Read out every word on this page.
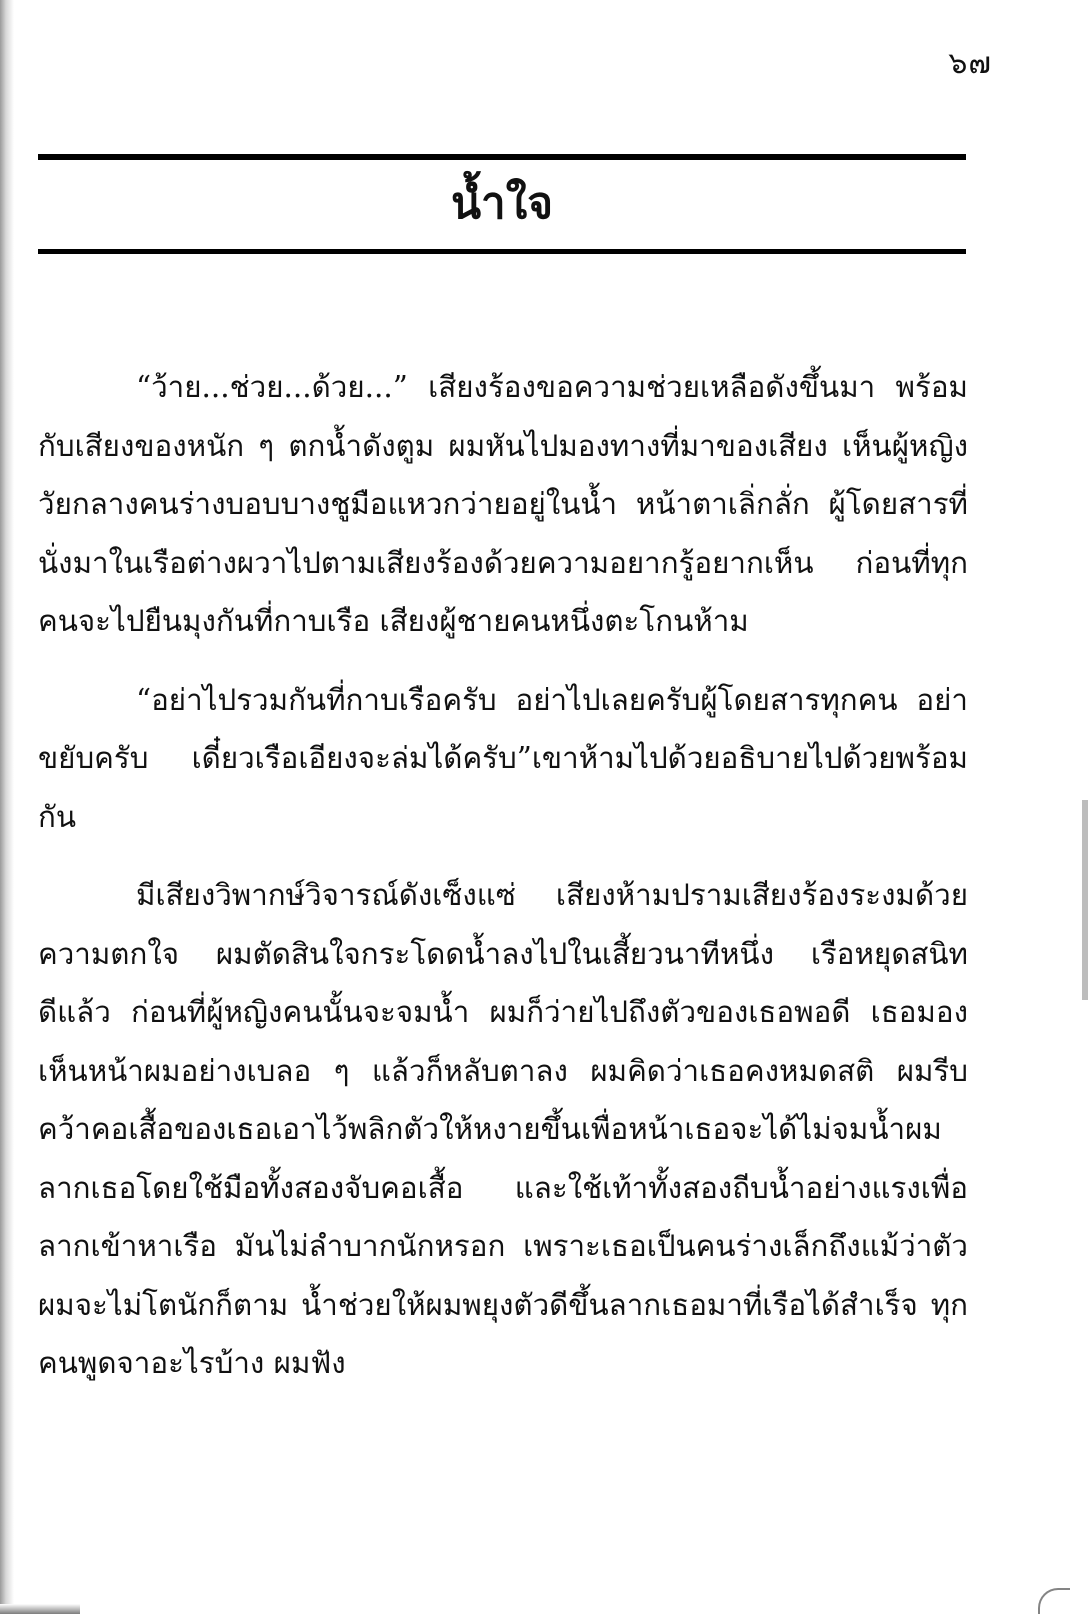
๖๗
น้ำใจ

“ว้าย...ช่วย...ด้วย...” เสียงร้องขอความช่วยเหลือดังขึ้นมา พร้อมกับเสียงของหนัก ๆ ตกน้ำดังตูม ผมหันไปมองทางที่มาของเสียง เห็นผู้หญิงวัยกลางคนร่างบอบบางชูมือแหวกว่ายอยู่ในน้ำ หน้าตาเลิ่กลั่ก ผู้โดยสารที่นั่งมาในเรือต่างผวาไปตามเสียงร้องด้วยความอยากรู้อยากเห็น ก่อนที่ทุกคนจะไปยืนมุงกันที่กาบเรือ เสียงผู้ชายคนหนึ่งตะโกนห้าม

“อย่าไปรวมกันที่กาบเรือครับ อย่าไปเลยครับผู้โดยสารทุกคน อย่าขยับครับ เดี๋ยวเรือเอียงจะล่มได้ครับ”เขาห้ามไปด้วยอธิบายไปด้วยพร้อมกัน

มีเสียงวิพากษ์วิจารณ์ดังเซ็งแซ่ เสียงห้ามปรามเสียงร้องระงมด้วยความตกใจ ผมตัดสินใจกระโดดน้ำลงไปในเสี้ยวนาทีหนึ่ง เรือหยุดสนิทดีแล้ว ก่อนที่ผู้หญิงคนนั้นจะจมน้ำ ผมก็ว่ายไปถึงตัวของเธอพอดี เธอมองเห็นหน้าผมอย่างเบลอ ๆ แล้วก็หลับตาลง ผมคิดว่าเธอคงหมดสติ ผมรีบคว้าคอเสื้อของเธอเอาไว้พลิกตัวให้หงายขึ้นเพื่อหน้าเธอจะได้ไม่จมน้ำผมลากเธอโดยใช้มือทั้งสองจับคอเสื้อ และใช้เท้าทั้งสองถีบน้ำอย่างแรงเพื่อลากเข้าหาเรือ มันไม่ลำบากนักหรอก เพราะเธอเป็นคนร่างเล็กถึงแม้ว่าตัวผมจะไม่โตนักก็ตาม น้ำช่วยให้ผมพยุงตัวดีขึ้นลากเธอมาที่เรือได้สำเร็จ ทุกคนพูดจาอะไรบ้าง ผมฟัง
